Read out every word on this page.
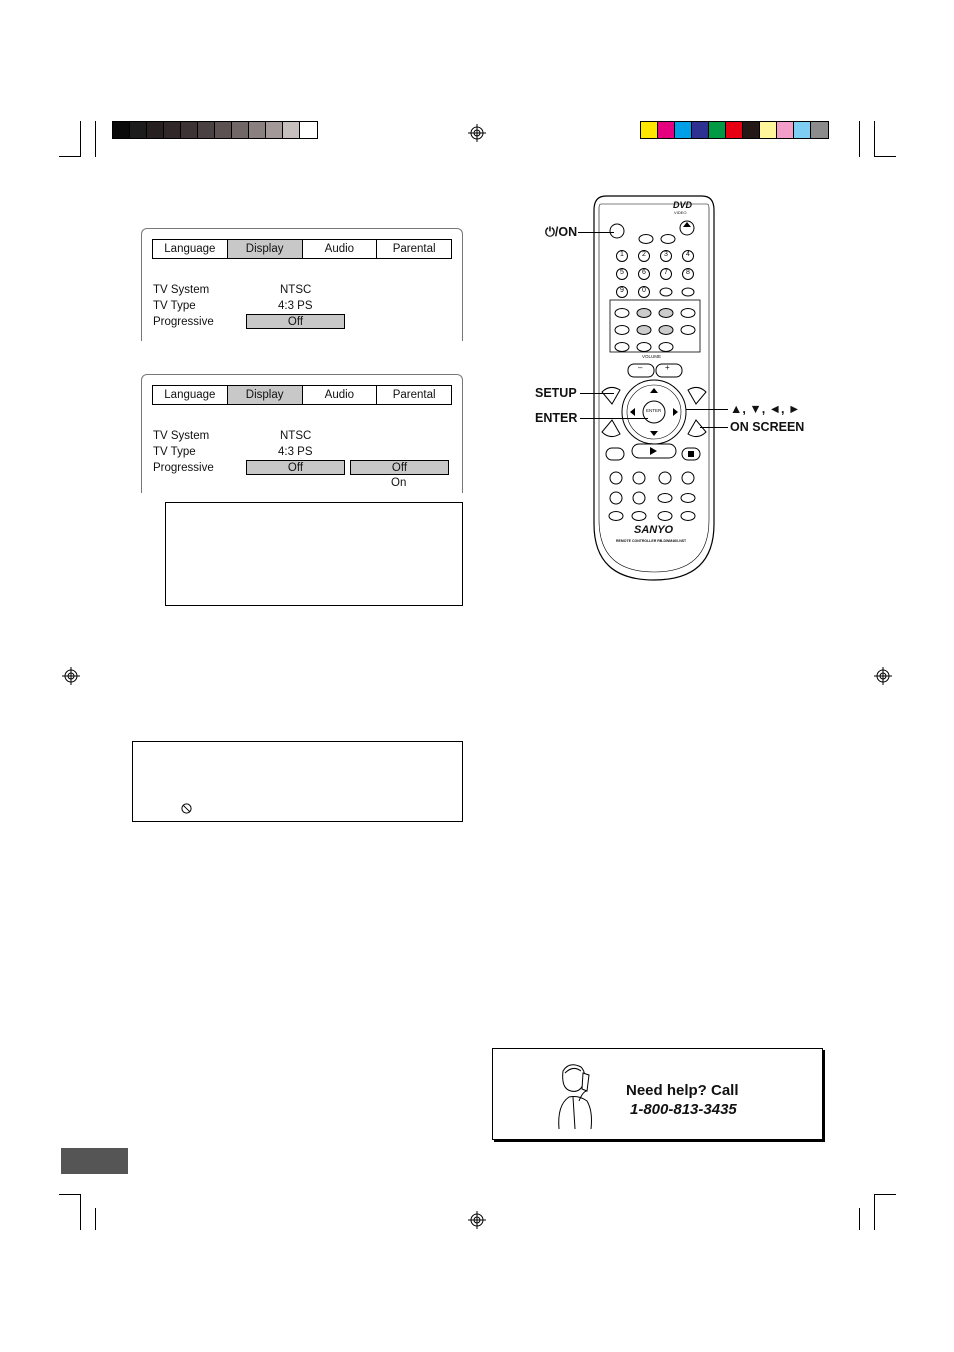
Language	Display	Audio	Parental
TV System	NTSC
TV Type	4:3 PS
Progressive	Off
Language	Display	Audio	Parental
TV System	NTSC
TV Type	4:3 PS
Progressive	Off	Off
On
DVD
VIDEO
1	2	3	4
5	6	7	8
9	0
VOLUME
–	+
ENTER
SANYO
REMOTE CONTROLLER RB-DWM460-NST
⏻/ON
SETUP
ENTER
▲, ▼, ◄, ►
ON SCREEN
Need help? Call
1-800-813-3435
